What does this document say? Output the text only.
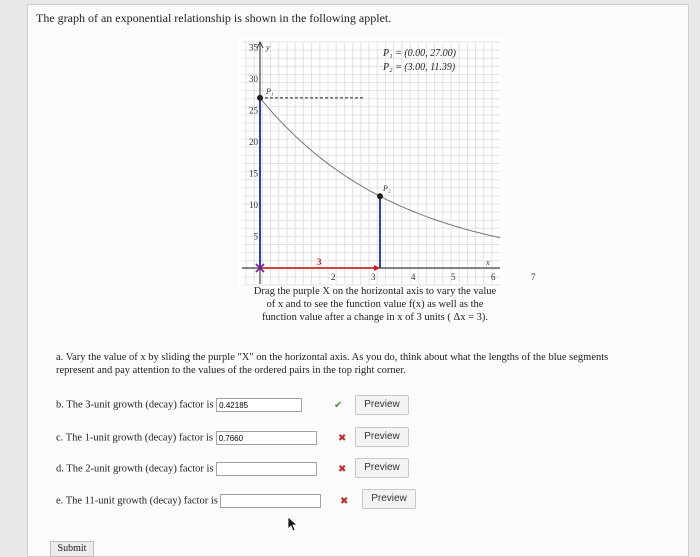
The graph of an exponential relationship is shown in the following applet.
y
x
35
30
25
20
15
10
5
2	3	4	5	6	7
3
P₁
P₂
P₁ = (0.00, 27.00)
P₂ = (3.00, 11.39)
Drag the purple X on the horizontal axis to vary the value of x and to see the function value f(x) as well as the function value after a change in x of 3 units ( Δx = 3).
a. Vary the value of x by sliding the purple "X" on the horizontal axis. As you do, think about what the lengths of the blue segments represent and pay attention to the values of the ordered pairs in the top right corner.
b. The 3-unit growth (decay) factor is 0.42185	✔	Preview
c. The 1-unit growth (decay) factor is 0.7660	✖	Preview
d. The 2-unit growth (decay) factor is	✖	Preview
e. The 11-unit growth (decay) factor is	✖	Preview
Submit
